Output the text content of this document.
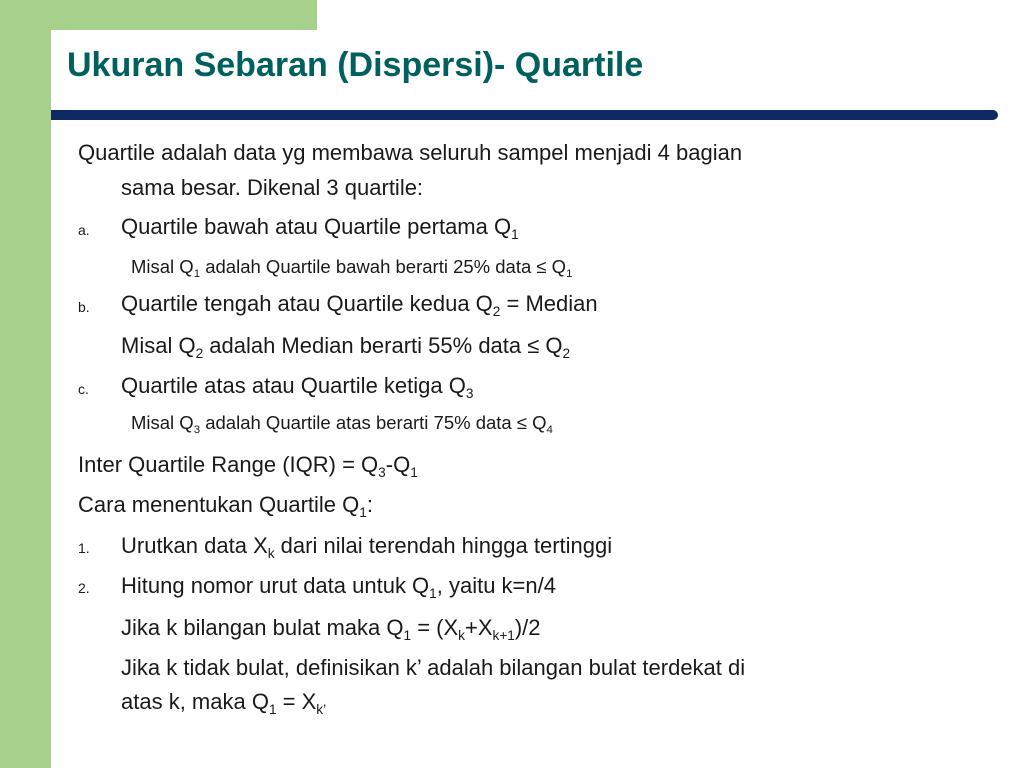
Ukuran Sebaran (Dispersi)- Quartile
Quartile adalah data yg membawa seluruh sampel menjadi 4 bagian
sama besar. Dikenal 3 quartile:
a. Quartile bawah atau Quartile pertama $Q_1$
Misal $Q_1$ adalah Quartile bawah berarti 25% data ≤ $Q_1$
b. Quartile tengah atau Quartile kedua $Q_2$ = Median
Misal $Q_2$ adalah Median berarti 55% data ≤ $Q_2$
c. Quartile atas atau Quartile ketiga $Q_3$
Misal $Q_3$ adalah Quartile atas berarti 75% data ≤ $Q_4$
Inter Quartile Range $(IQR) = Q_3-Q_1$
Cara menentukan Quartile $Q_1$:
1. Urutkan data $X_k$ dari nilai terendah hingga tertinggi
2. Hitung nomor urut data untuk $Q_1$, yaitu k=n/4
Jika k bilangan bulat maka $Q_1 = (X_k+X_{k+1})/2$
Jika k tidak bulat, definisikan k’ adalah bilangan bulat terdekat di
atas k, maka $Q_1 = X_{k’}$
